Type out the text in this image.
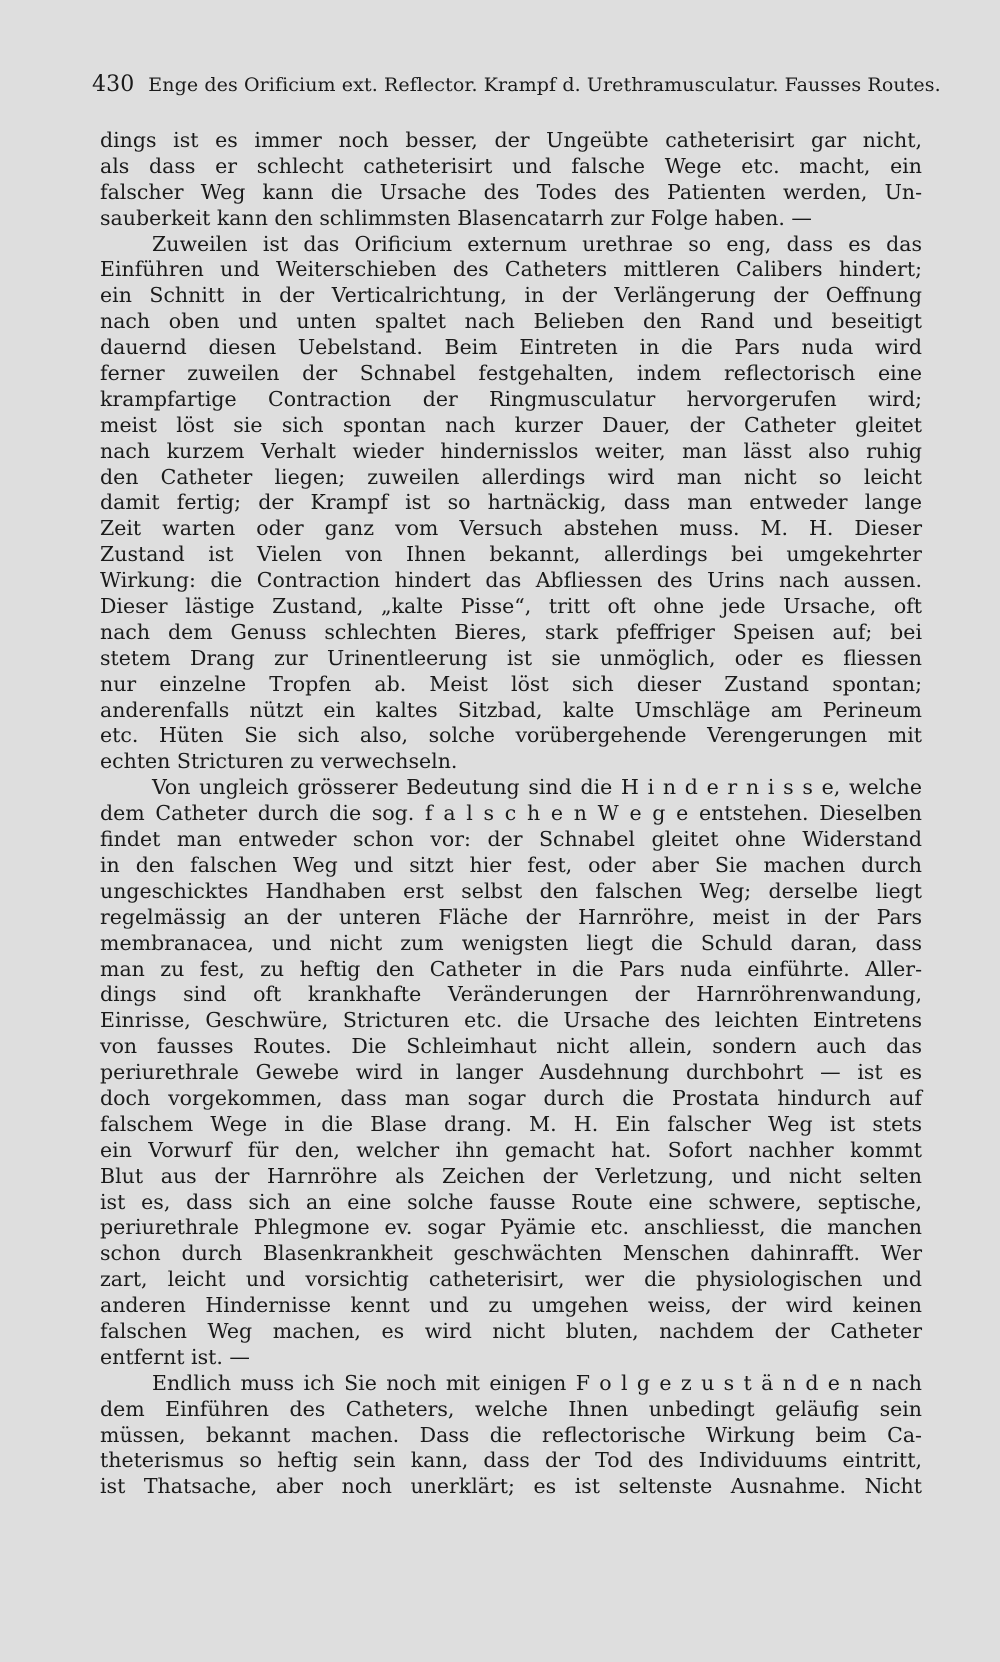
430 Enge des Orificium ext. Reflector. Krampf d. Urethramusculatur. Fausses Routes.
dings ist es immer noch besser, der Ungeübte catheterisirt gar nicht,
als dass er schlecht catheterisirt und falsche Wege etc. macht, ein
falscher Weg kann die Ursache des Todes des Patienten werden, Un-
sauberkeit kann den schlimmsten Blasencatarrh zur Folge haben. —
Zuweilen ist das Orificium externum urethrae so eng, dass es das
Einführen und Weiterschieben des Catheters mittleren Calibers hindert;
ein Schnitt in der Verticalrichtung, in der Verlängerung der Oeffnung
nach oben und unten spaltet nach Belieben den Rand und beseitigt
dauernd diesen Uebelstand. Beim Eintreten in die Pars nuda wird
ferner zuweilen der Schnabel festgehalten, indem reflectorisch eine
krampfartige Contraction der Ringmusculatur hervorgerufen wird;
meist löst sie sich spontan nach kurzer Dauer, der Catheter gleitet
nach kurzem Verhalt wieder hindernisslos weiter, man lässt also ruhig
den Catheter liegen; zuweilen allerdings wird man nicht so leicht
damit fertig; der Krampf ist so hartnäckig, dass man entweder lange
Zeit warten oder ganz vom Versuch abstehen muss. M. H. Dieser
Zustand ist Vielen von Ihnen bekannt, allerdings bei umgekehrter
Wirkung: die Contraction hindert das Abfliessen des Urins nach aussen.
Dieser lästige Zustand, „kalte Pisse“, tritt oft ohne jede Ursache, oft
nach dem Genuss schlechten Bieres, stark pfeffriger Speisen auf; bei
stetem Drang zur Urinentleerung ist sie unmöglich, oder es fliessen
nur einzelne Tropfen ab. Meist löst sich dieser Zustand spontan;
anderenfalls nützt ein kaltes Sitzbad, kalte Umschläge am Perineum
etc. Hüten Sie sich also, solche vorübergehende Verengerungen mit
echten Stricturen zu verwechseln.
Von ungleich grösserer Bedeutung sind die H i n d e r n i s s e, welche
dem Catheter durch die sog. f a l s c h e n W e g e entstehen. Dieselben
findet man entweder schon vor: der Schnabel gleitet ohne Widerstand
in den falschen Weg und sitzt hier fest, oder aber Sie machen durch
ungeschicktes Handhaben erst selbst den falschen Weg; derselbe liegt
regelmässig an der unteren Fläche der Harnröhre, meist in der Pars
membranacea, und nicht zum wenigsten liegt die Schuld daran, dass
man zu fest, zu heftig den Catheter in die Pars nuda einführte. Aller-
dings sind oft krankhafte Veränderungen der Harnröhrenwandung,
Einrisse, Geschwüre, Stricturen etc. die Ursache des leichten Eintretens
von fausses Routes. Die Schleimhaut nicht allein, sondern auch das
periurethrale Gewebe wird in langer Ausdehnung durchbohrt — ist es
doch vorgekommen, dass man sogar durch die Prostata hindurch auf
falschem Wege in die Blase drang. M. H. Ein falscher Weg ist stets
ein Vorwurf für den, welcher ihn gemacht hat. Sofort nachher kommt
Blut aus der Harnröhre als Zeichen der Verletzung, und nicht selten
ist es, dass sich an eine solche fausse Route eine schwere, septische,
periurethrale Phlegmone ev. sogar Pyämie etc. anschliesst, die manchen
schon durch Blasenkrankheit geschwächten Menschen dahinrafft. Wer
zart, leicht und vorsichtig catheterisirt, wer die physiologischen und
anderen Hindernisse kennt und zu umgehen weiss, der wird keinen
falschen Weg machen, es wird nicht bluten, nachdem der Catheter
entfernt ist. —
Endlich muss ich Sie noch mit einigen F o l g e z u s t ä n d e n nach
dem Einführen des Catheters, welche Ihnen unbedingt geläufig sein
müssen, bekannt machen. Dass die reflectorische Wirkung beim Ca-
theterismus so heftig sein kann, dass der Tod des Individuums eintritt,
ist Thatsache, aber noch unerklärt; es ist seltenste Ausnahme. Nicht
